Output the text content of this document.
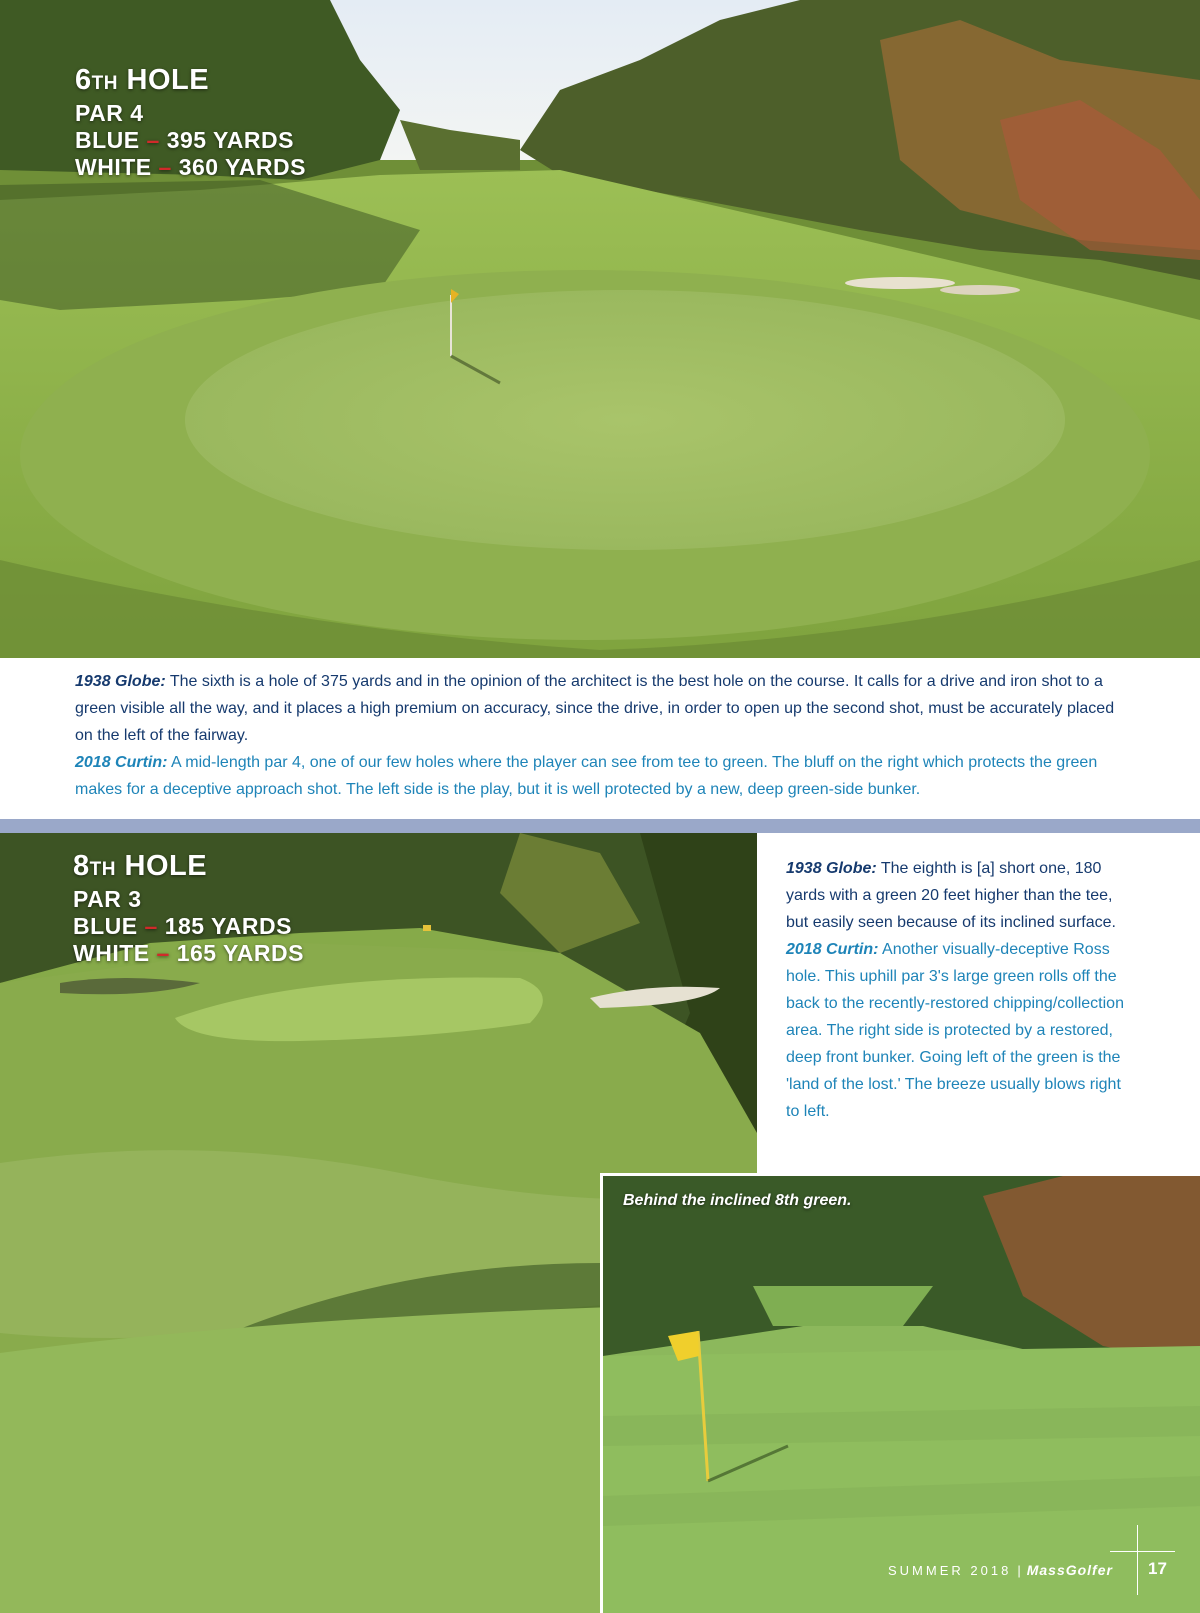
6TH HOLE
PAR 4
BLUE – 395 YARDS
WHITE – 360 YARDS

1938 Globe: The sixth is a hole of 375 yards and in the opinion of the architect is the best hole on the course. It calls for a drive and iron shot to a green visible all the way, and it places a high premium on accuracy, since the drive, in order to open up the second shot, must be accurately placed on the left of the fairway.

2018 Curtin: A mid-length par 4, one of our few holes where the player can see from tee to green. The bluff on the right which protects the green makes for a deceptive approach shot. The left side is the play, but it is well protected by a new, deep green-side bunker.

8TH HOLE
PAR 3
BLUE – 185 YARDS
WHITE – 165 YARDS

1938 Globe: The eighth is [a] short one, 180 yards with a green 20 feet higher than the tee, but easily seen because of its inclined surface.

2018 Curtin: Another visually-deceptive Ross hole. This uphill par 3's large green rolls off the back to the recently-restored chipping/collection area. The right side is protected by a restored, deep front bunker. Going left of the green is the 'land of the lost.' The breeze usually blows right to left.

Behind the inclined 8th green.
SUMMER 2018 | MassGolfer 17
